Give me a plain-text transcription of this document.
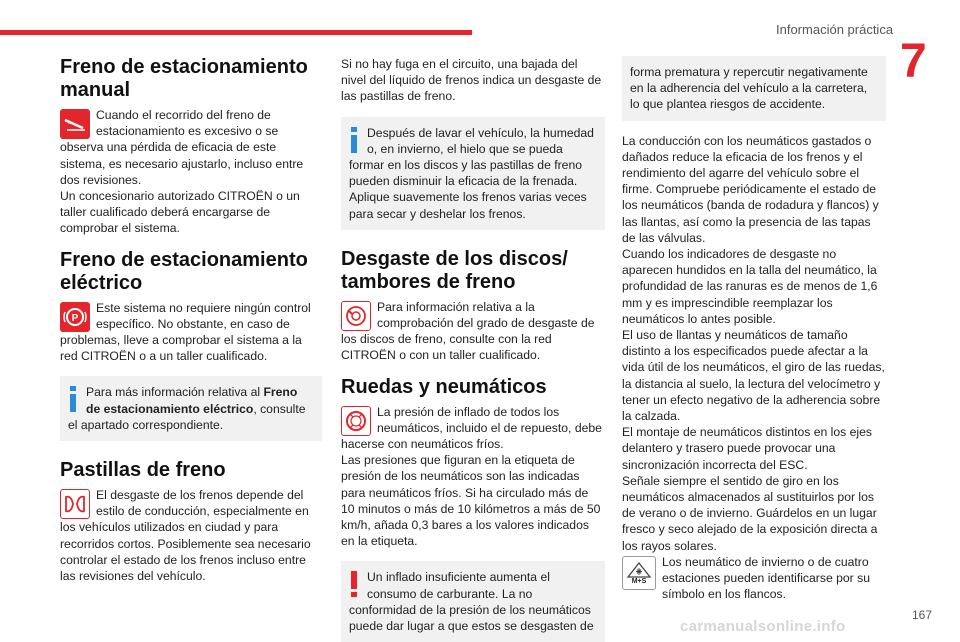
Información práctica
7
Freno de estacionamiento manual

Cuando el recorrido del freno de estacionamiento es excesivo o se observa una pérdida de eficacia de este sistema, es necesario ajustarlo, incluso entre dos revisiones.

Un concesionario autorizado CITROËN o un taller cualificado deberá encargarse de comprobar el sistema.

Freno de estacionamiento eléctrico
P

Este sistema no requiere ningún control específico. No obstante, en caso de problemas, lleve a comprobar el sistema a la red CITROËN o a un taller cualificado.

Para más información relativa al Freno de estacionamiento eléctrico, consulte el apartado correspondiente.

Pastillas de freno

El desgaste de los frenos depende del estilo de conducción, especialmente en los vehículos utilizados en ciudad y para recorridos cortos. Posiblemente sea necesario controlar el estado de los frenos incluso entre las revisiones del vehículo.

Si no hay fuga en el circuito, una bajada del nivel del líquido de frenos indica un desgaste de las pastillas de freno.

Después de lavar el vehículo, la humedad o, en invierno, el hielo que se pueda formar en los discos y las pastillas de freno pueden disminuir la eficacia de la frenada. Aplique suavemente los frenos varias veces para secar y deshelar los frenos.

Desgaste de los discos/ tambores de freno

Para información relativa a la comprobación del grado de desgaste de los discos de freno, consulte con la red CITROËN o con un taller cualificado.

Ruedas y neumáticos

La presión de inflado de todos los neumáticos, incluido el de repuesto, debe hacerse con neumáticos fríos.

Las presiones que figuran en la etiqueta de presión de los neumáticos son las indicadas para neumáticos fríos. Si ha circulado más de 10 minutos o más de 10 kilómetros a más de 50 km/h, añada 0,3 bares a los valores indicados en la etiqueta.

Un inflado insuficiente aumenta el consumo de carburante. La no conformidad de la presión de los neumáticos puede dar lugar a que estos se desgasten de

forma prematura y repercutir negativamente en la adherencia del vehículo a la carretera, lo que plantea riesgos de accidente.

La conducción con los neumáticos gastados o dañados reduce la eficacia de los frenos y el rendimiento del agarre del vehículo sobre el firme. Compruebe periódicamente el estado de los neumáticos (banda de rodadura y flancos) y las llantas, así como la presencia de las tapas de las válvulas.

Cuando los indicadores de desgaste no aparecen hundidos en la talla del neumático, la profundidad de las ranuras es de menos de 1,6 mm y es imprescindible reemplazar los neumáticos lo antes posible.

El uso de llantas y neumáticos de tamaño distinto a los especificados puede afectar a la vida útil de los neumáticos, el giro de las ruedas, la distancia al suelo, la lectura del velocímetro y tener un efecto negativo de la adherencia sobre la calzada.

El montaje de neumáticos distintos en los ejes delantero y trasero puede provocar una sincronización incorrecta del ESC.

Señale siempre el sentido de giro en los neumáticos almacenados al sustituirlos por los de verano o de invierno. Guárdelos en un lugar fresco y seco alejado de la exposición directa a los rayos solares.

M+S

Los neumático de invierno o de cuatro estaciones pueden identificarse por su símbolo en los flancos.

carmanualsonline.info
167
